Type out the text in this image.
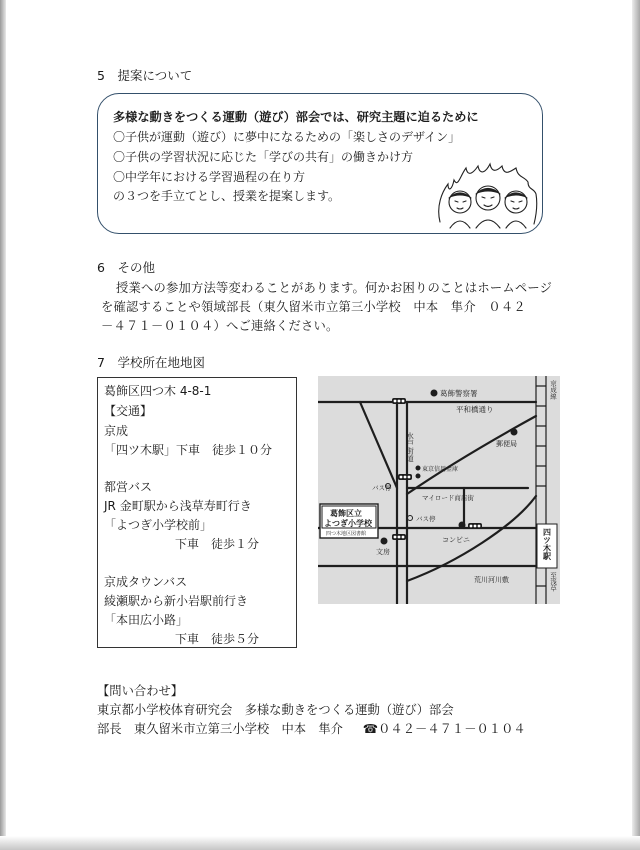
5　提案について
多様な動きをつくる運動（遊び）部会では、研究主題に迫るために
〇子供が運動（遊び）に夢中になるための「楽しさのデザイン」
〇子供の学習状況に応じた「学びの共有」の働きかけ方
〇中学年における学習過程の在り方
の３つを手立てとし、授業を提案します。
6　その他
授業への参加方法等変わることがあります。何かお困りのことはホームページ
を確認することや領域部長（東久留米市立第三小学校　中本　隼介　０４２
－４７１－０１０４）へご連絡ください。
7　学校所在地地図
葛飾区四つ木 4-8-1
【交通】
京成
「四ツ木駅」下車　徒歩１０分
都営バス
JR 金町駅から浅草寿町行き
「よつぎ小学校前」
下車　徒歩１分
京成タウンバス
綾瀬駅から新小岩駅前行き
「本田広小路」
下車　徒歩５分
葛飾警察署
平和橋通り
郵便局
東京信用金庫
バス停
マイロード商店街
バス停
葛飾区立
よつぎ小学校
四つ木地区図書館
コンビニ
文房
荒川河川敷
水戸街道
京成線
四ツ木駅
至浅草
【問い合わせ】
東京都小学校体育研究会　多様な動きをつくる運動（遊び）部会
部長　東久留米市立第三小学校　中本　隼介 ☎０４２－４７１－０１０４
